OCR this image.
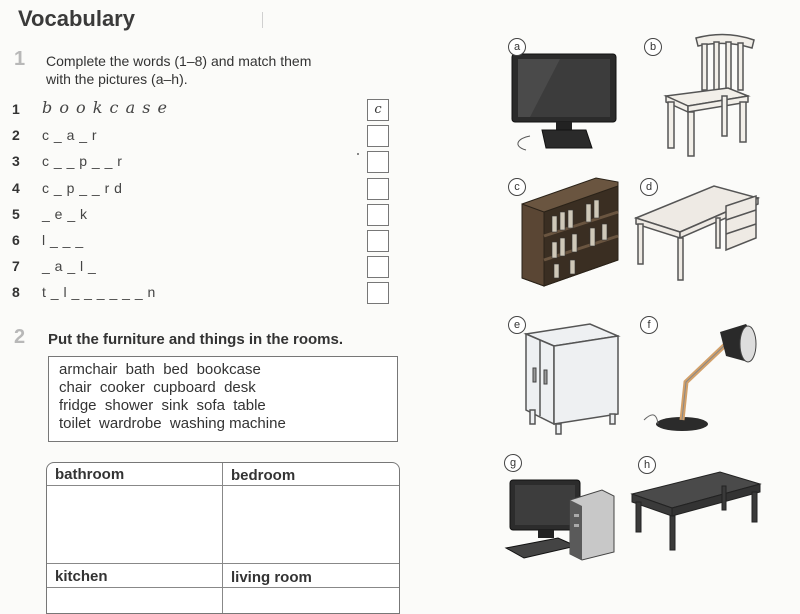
Vocabulary
1 Complete the words (1–8) and match them
with the pictures (a–h).
1 b o o k c a s e	c
2 c _ a _ r
3 c _ _ p _ _ r
4 c _ p _ _ r d
5 _ e _ k
6 l _ _ _
7 _ a _ l _
8 t _ l _ _ _ _ _ _ n
2 Put the furniture and things in the rooms.
armchair  bath  bed  bookcase
chair  cooker  cupboard  desk
fridge  shower  sink  sofa  table
toilet  wardrobe  washing machine
bathroom	bedroom
kitchen	living room
a	b
c	d
e	f
g	h
